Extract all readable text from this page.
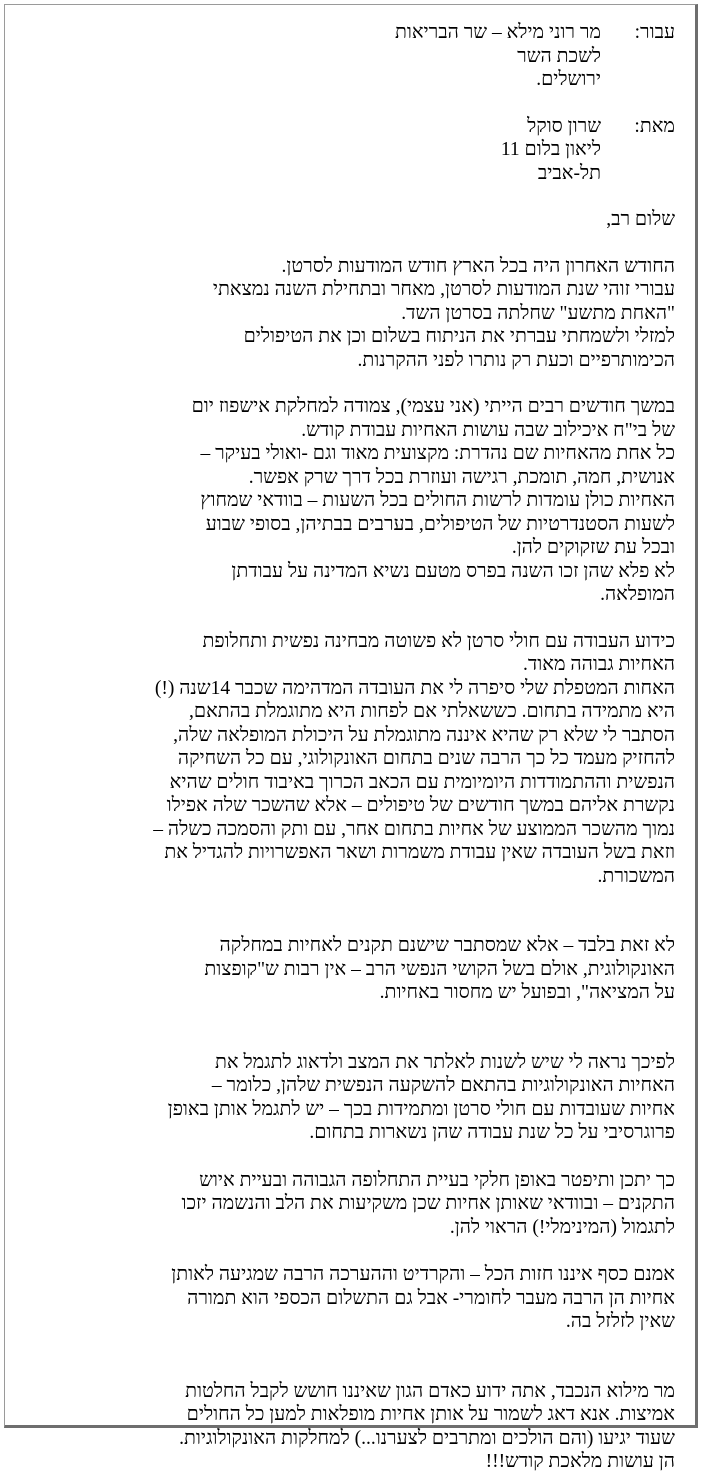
עבור:
מר רוני מילא – שר הבריאות
לשכת השר
ירושלים.
מאת:
שרון סוקל
ליאון בלום 11
תל-אביב
שלום רב,
החודש האחרון היה בכל הארץ חודש המודעות לסרטן.
עבורי זוהי שנת המודעות לסרטן, מאחר ובתחילת השנה נמצאתי
"האחת מתשע" שחלתה בסרטן השד.
למזלי ולשמחתי עברתי את הניתוח בשלום וכן את הטיפולים
הכימותרפיים וכעת רק נותרו לפני ההקרנות.
במשך חודשים רבים הייתי (אני עצמי), צמודה למחלקת אישפוז יום
של בי"ח איכילוב שבה עושות האחיות עבודת קודש.
כל אחת מהאחיות שם נהדרת: מקצועית מאוד וגם -ואולי בעיקר –
אנושית, חמה, תומכת, רגישה ועוזרת בכל דרך שרק אפשר.
האחיות כולן עומדות לרשות החולים בכל השעות – בוודאי שמחוץ
לשעות הסטנדרטיות של הטיפולים, בערבים בבתיהן, בסופי שבוע
ובכל עת שזקוקים להן.
לא פלא שהן זכו השנה בפרס מטעם נשיא המדינה על עבודתן
המופלאה.
כידוע העבודה עם חולי סרטן לא פשוטה מבחינה נפשית ותחלופת
האחיות גבוהה מאוד.
האחות המטפלת שלי סיפרה לי את העובדה המדהימה שכבר 14שנה (!)
היא מתמידה בתחום. כששאלתי אם לפחות היא מתוגמלת בהתאם,
הסתבר לי שלא רק שהיא איננה מתוגמלת על היכולת המופלאה שלה,
להחזיק מעמד כל כך הרבה שנים בתחום האונקולוגי, עם כל השחיקה
הנפשית וההתמודדות היומיומית עם הכאב הכרוך באיבוד חולים שהיא
נקשרת אליהם במשך חודשים של טיפולים – אלא שהשכר שלה אפילו
נמוך מהשכר הממוצע של אחיות בתחום אחר, עם ותק והסמכה כשלה –
וזאת בשל העובדה שאין עבודת משמרות ושאר האפשרויות להגדיל את
המשכורת.
לא זאת בלבד – אלא שמסתבר שישנם תקנים לאחיות במחלקה
האונקולוגית, אולם בשל הקושי הנפשי הרב – אין רבות ש"קופצות
על המציאה", ובפועל יש מחסור באחיות.
לפיכך נראה לי שיש לשנות לאלתר את המצב ולדאוג לתגמל את
האחיות האונקולוגיות בהתאם להשקעה הנפשית שלהן, כלומר –
אחיות שעובדות עם חולי סרטן ומתמידות בכך – יש לתגמל אותן באופן
פרוגרסיבי על כל שנת עבודה שהן נשארות בתחום.
כך יתכן ותיפטר באופן חלקי בעיית התחלופה הגבוהה ובעיית איוש
התקנים – ובוודאי שאותן אחיות שכן משקיעות את הלב והנשמה יזכו
לתגמול (המינימלי!) הראוי להן.
אמנם כסף איננו חזות הכל – והקרדיט וההערכה הרבה שמגיעה לאותן
אחיות הן הרבה מעבר לחומרי- אבל גם התשלום הכספי הוא תמורה
שאין לזלזל בה.
מר מילוא הנכבד, אתה ידוע כאדם הגון שאיננו חושש לקבל החלטות
אמיצות. אנא דאג לשמור על אותן אחיות מופלאות למען כל החולים
שעוד יגיעו (והם הולכים ומתרבים לצערנו...) למחלקות האונקולוגיות.
הן עושות מלאכת קודש!!!
